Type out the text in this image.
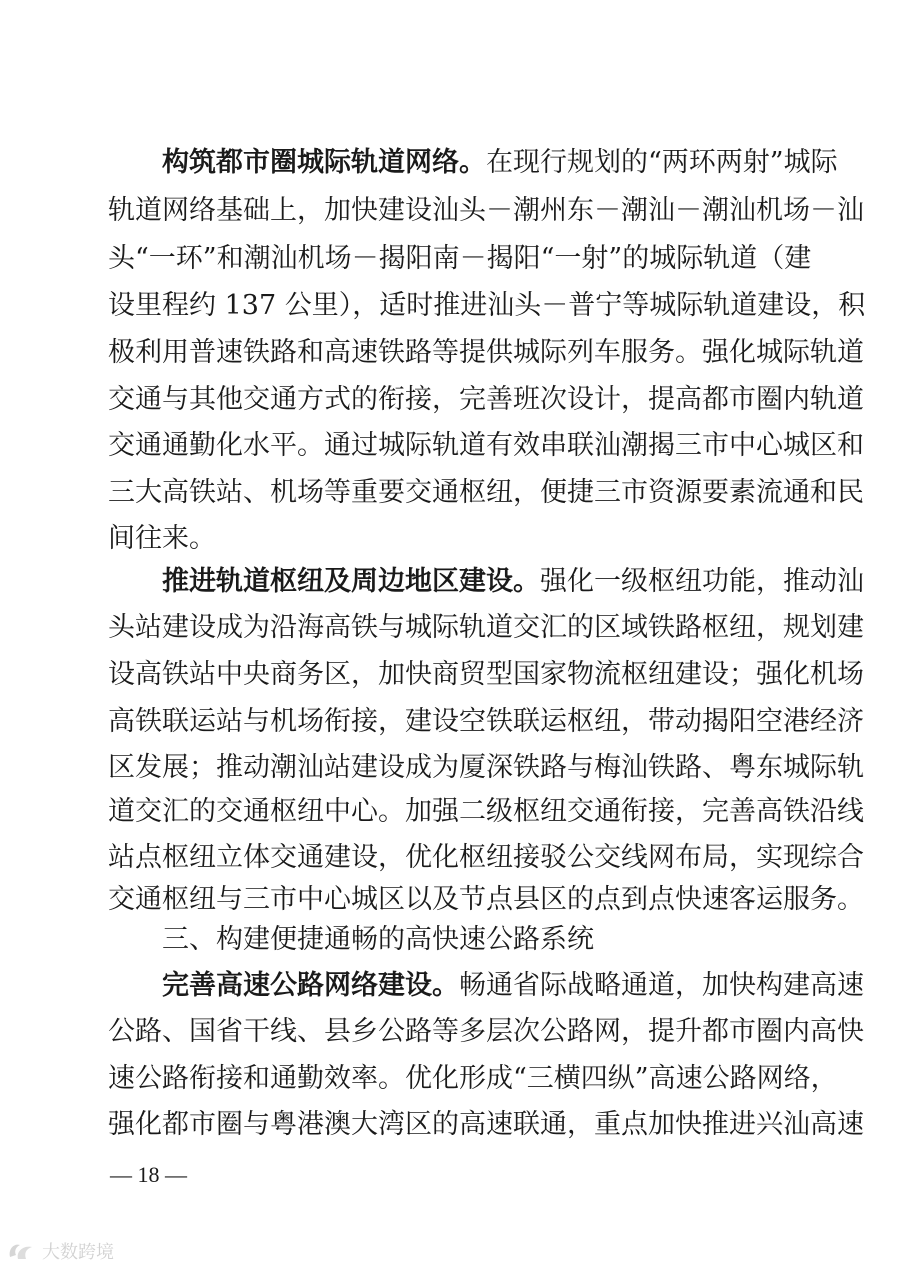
构筑都市圈城际轨道网络。在现行规划的“两环两射”城际
轨道网络基础上，加快建设汕头－潮州东－潮汕－潮汕机场－汕
头“一环”和潮汕机场－揭阳南－揭阳“一射”的城际轨道（建
设里程约 137 公里），适时推进汕头－普宁等城际轨道建设，积
极利用普速铁路和高速铁路等提供城际列车服务。强化城际轨道
交通与其他交通方式的衔接，完善班次设计，提高都市圈内轨道
交通通勤化水平。通过城际轨道有效串联汕潮揭三市中心城区和
三大高铁站、机场等重要交通枢纽，便捷三市资源要素流通和民
间往来。
推进轨道枢纽及周边地区建设。强化一级枢纽功能，推动汕
头站建设成为沿海高铁与城际轨道交汇的区域铁路枢纽，规划建
设高铁站中央商务区，加快商贸型国家物流枢纽建设；强化机场
高铁联运站与机场衔接，建设空铁联运枢纽，带动揭阳空港经济
区发展；推动潮汕站建设成为厦深铁路与梅汕铁路、粤东城际轨
道交汇的交通枢纽中心。加强二级枢纽交通衔接，完善高铁沿线
站点枢纽立体交通建设，优化枢纽接驳公交线网布局，实现综合
交通枢纽与三市中心城区以及节点县区的点到点快速客运服务。
三、构建便捷通畅的高快速公路系统
完善高速公路网络建设。畅通省际战略通道，加快构建高速
公路、国省干线、县乡公路等多层次公路网，提升都市圈内高快
速公路衔接和通勤效率。优化形成“三横四纵”高速公路网络，
强化都市圈与粤港澳大湾区的高速联通，重点加快推进兴汕高速
— 18 —
大数跨境
